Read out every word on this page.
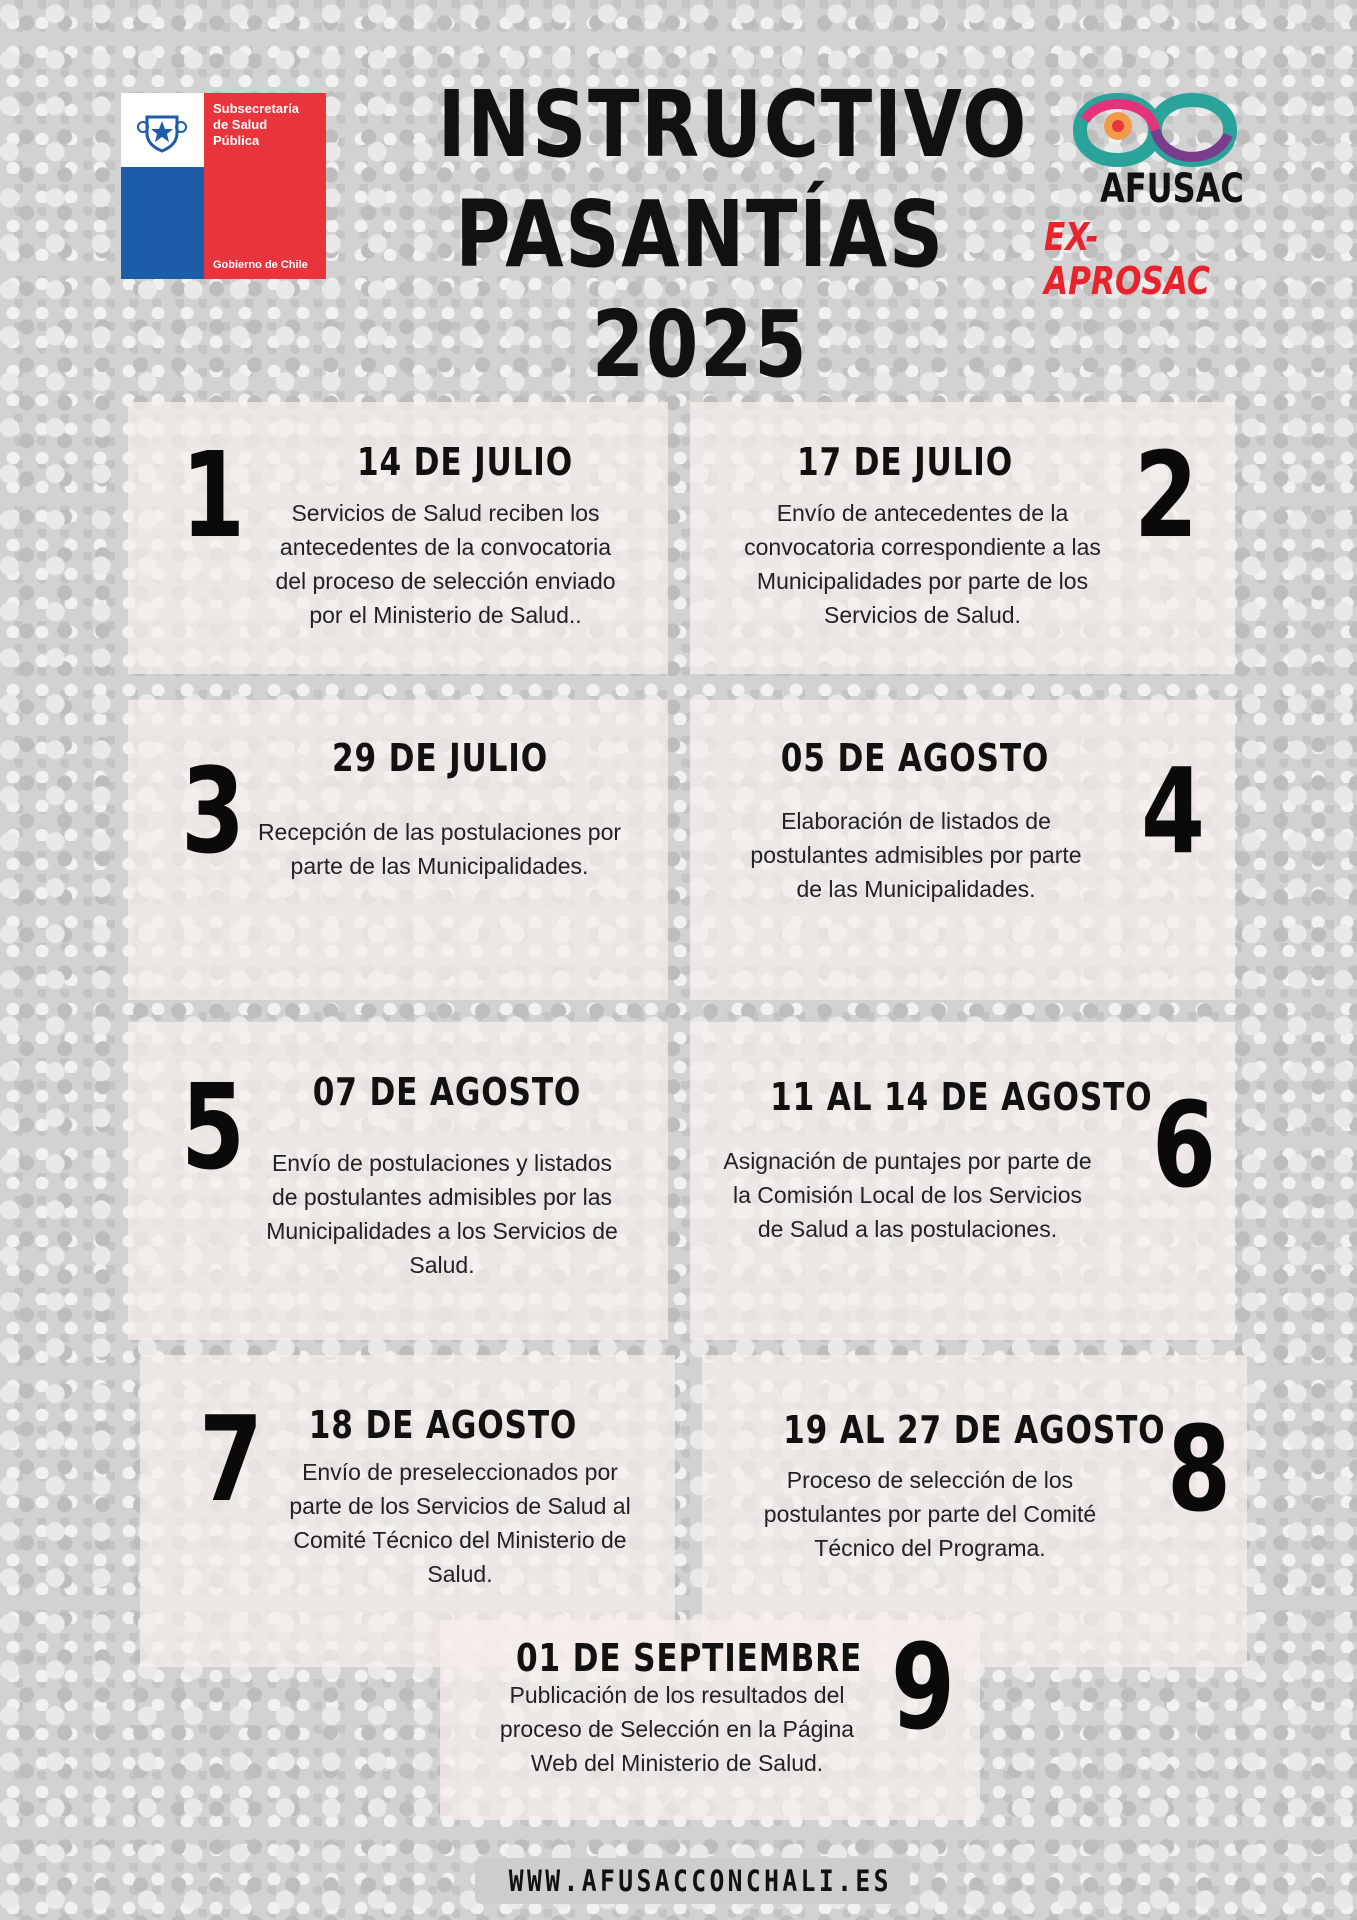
INSTRUCTIVO
PASANTÍAS
2025
Subsecretaría
de Salud
Pública
Gobierno de Chile
AFUSAC
EX-APROSAC
1	14 DE JULIO
Servicios de Salud reciben los antecedentes de la convocatoria del proceso de selección enviado por el Ministerio de Salud..
2
17 DE JULIO
Envío de antecedentes de la convocatoria correspondiente a las Municipalidades por parte de los Servicios de Salud.
3	29 DE JULIO
Recepción de las postulaciones por parte de las Municipalidades.	4
05 DE AGOSTO
Elaboración de listados de postulantes admisibles por parte de las Municipalidades.
5 07 DE AGOSTO
Envío de postulaciones y listados de postulantes admisibles por las Municipalidades a los Servicios de Salud.
6
11 AL 14 DE AGOSTO
Asignación de puntajes por parte de la Comisión Local de los Servicios de Salud a las postulaciones.
7 18 DE AGOSTO
Envío de preseleccionados por parte de los Servicios de Salud al Comité Técnico del Ministerio de Salud.
8
19 AL 27 DE AGOSTO
Proceso de selección de los postulantes por parte del Comité Técnico del Programa.
9
01 DE SEPTIEMBRE
Publicación de los resultados del proceso de Selección en la Página Web del Ministerio de Salud.
WWW.AFUSACCONCHALI.ES
